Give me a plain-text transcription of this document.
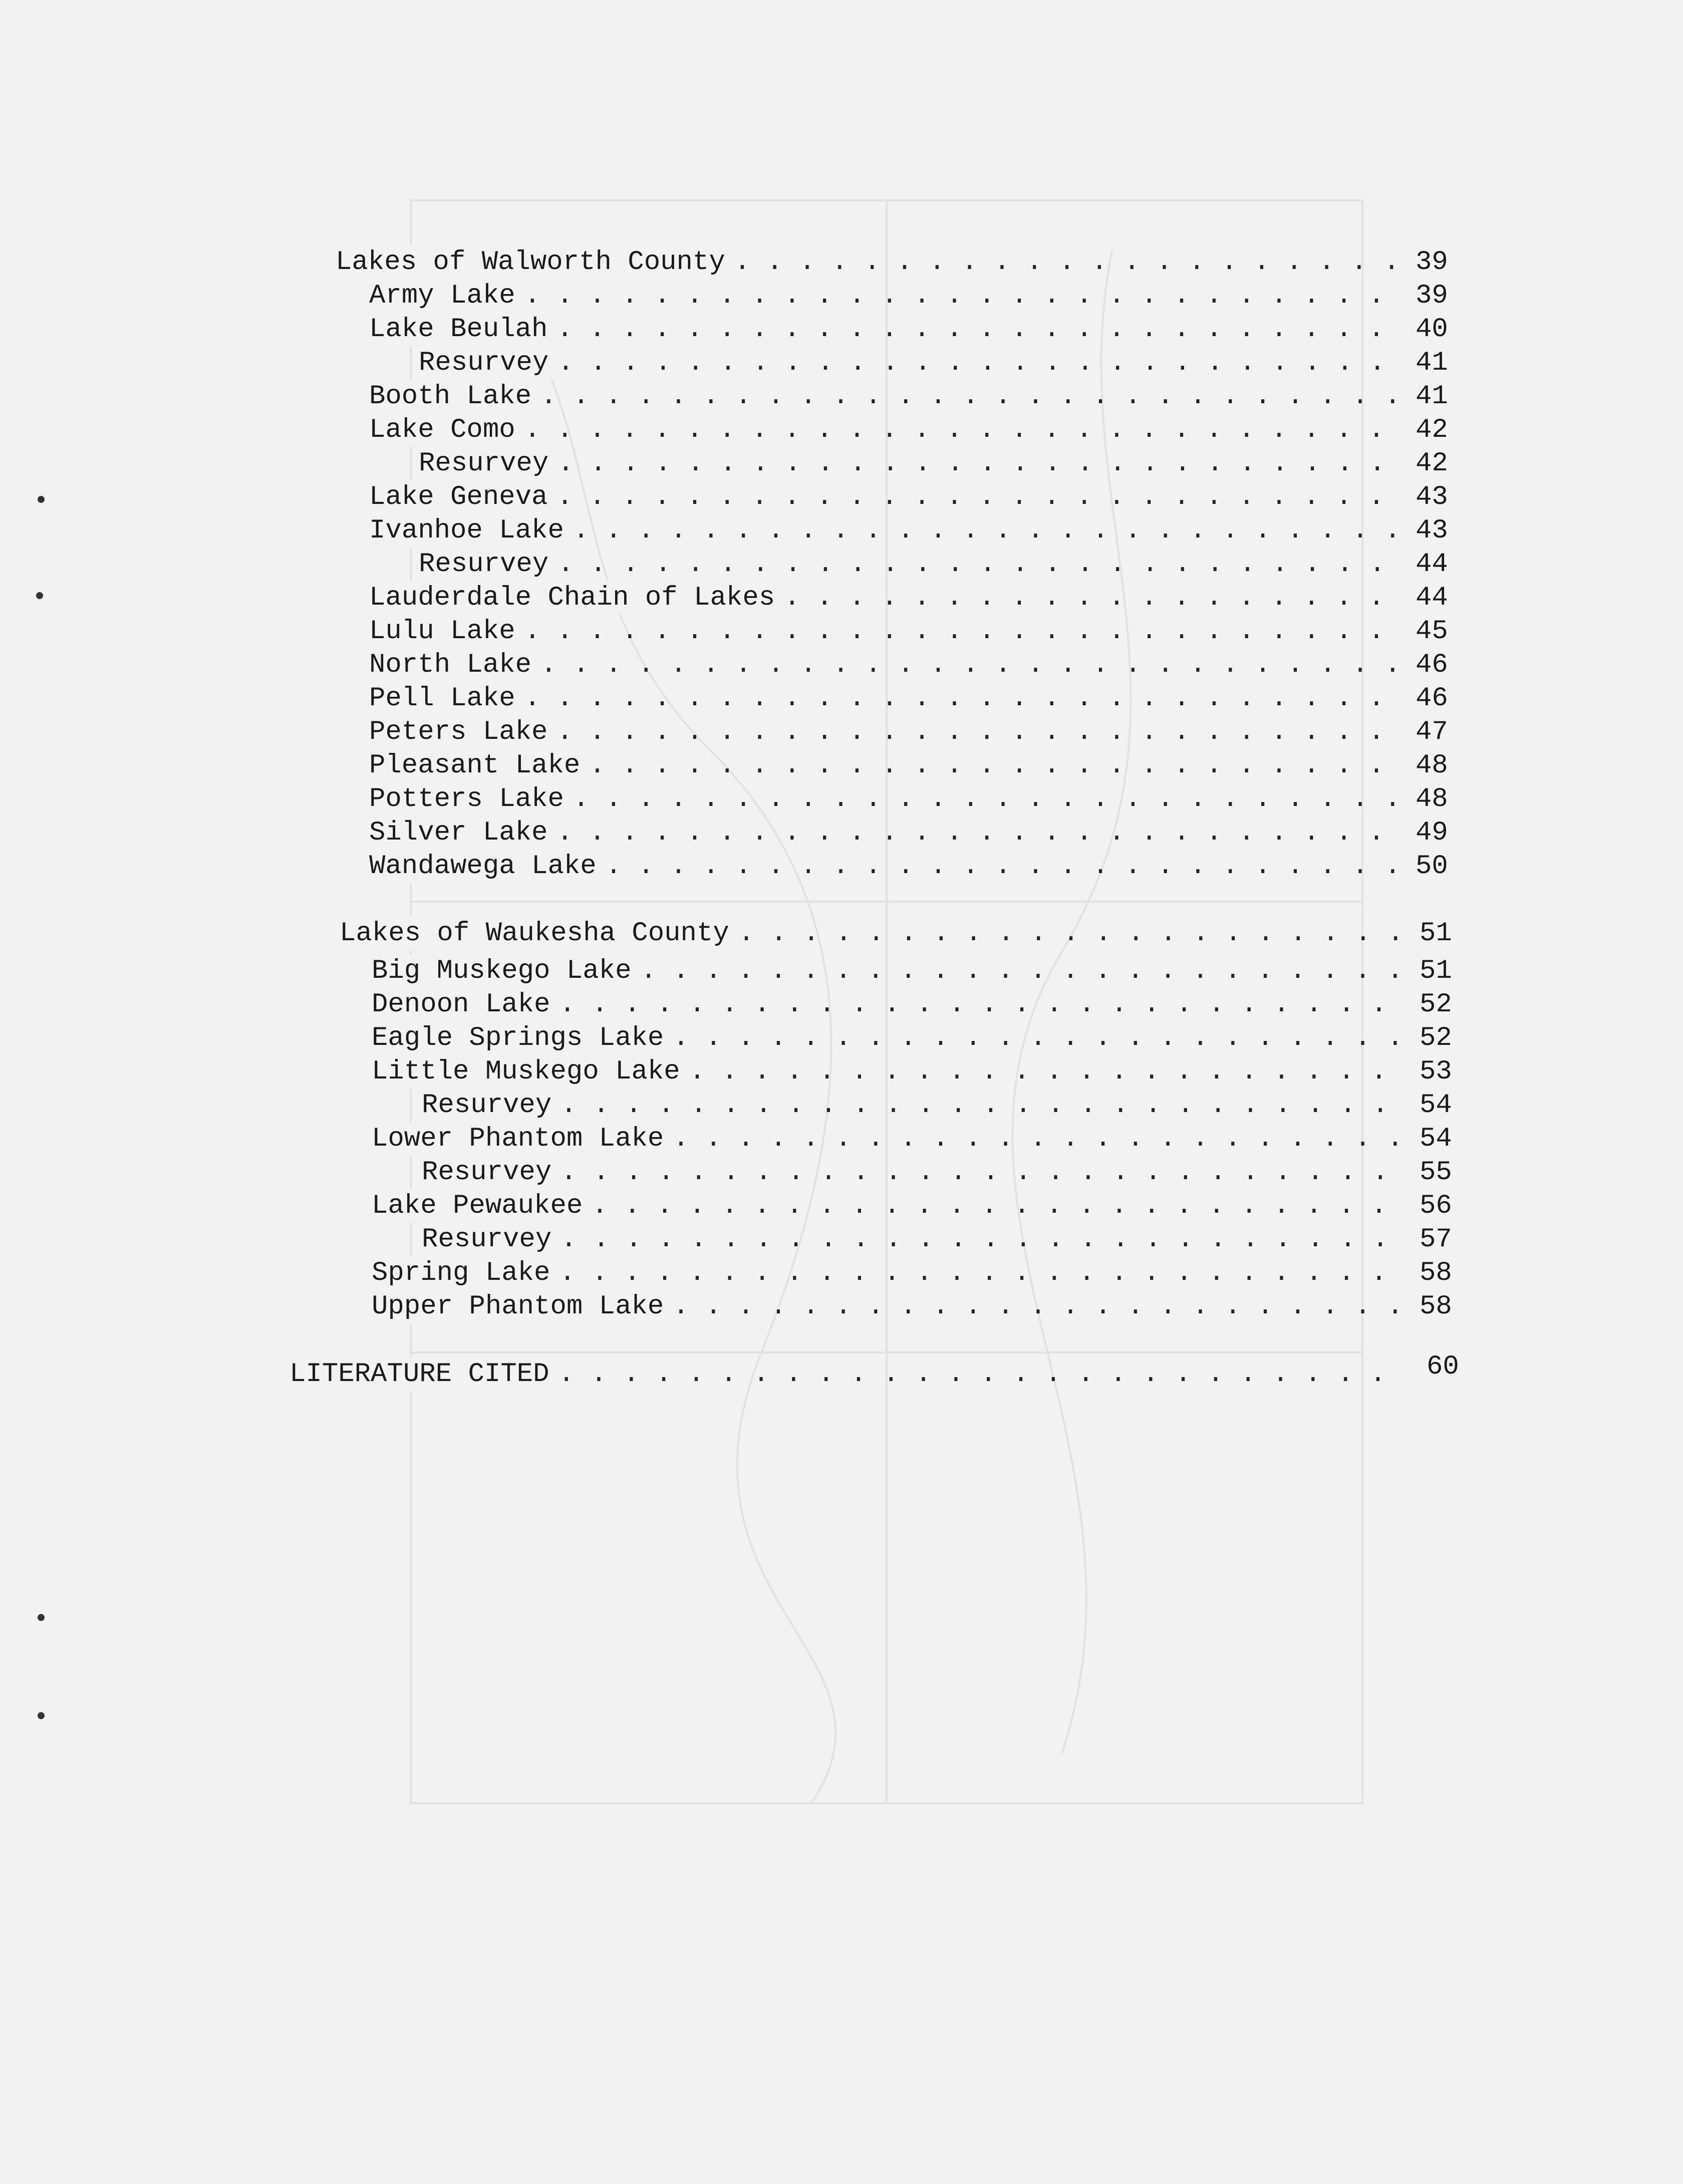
Lakes of Walworth County . . .	39
Army Lake . . .	39
Lake Beulah . . .	40
Resurvey . . .	41
Booth Lake . . .	41
Lake Como . . .	42
Resurvey . . .	42
Lake Geneva . . .	43
Ivanhoe Lake . . .	43
Resurvey . . .	44
Lauderdale Chain of Lakes . . .	44
Lulu Lake . . .	45
North Lake . . .	46
Pell Lake . . .	46
Peters Lake . . .	47
Pleasant Lake . . .	48
Potters Lake . . .	48
Silver Lake . . .	49
Wandawega Lake . . .	50
Lakes of Waukesha County . . .	51
Big Muskego Lake . . .	51
Denoon Lake . . .	52
Eagle Springs Lake . . .	52
Little Muskego Lake . . .	53
Resurvey . . .	54
Lower Phantom Lake . . .	54
Resurvey . . .	55
Lake Pewaukee . . .	56
Resurvey . . .	57
Spring Lake . . .	58
Upper Phantom Lake . . .	58
LITERATURE CITED . . .	60
